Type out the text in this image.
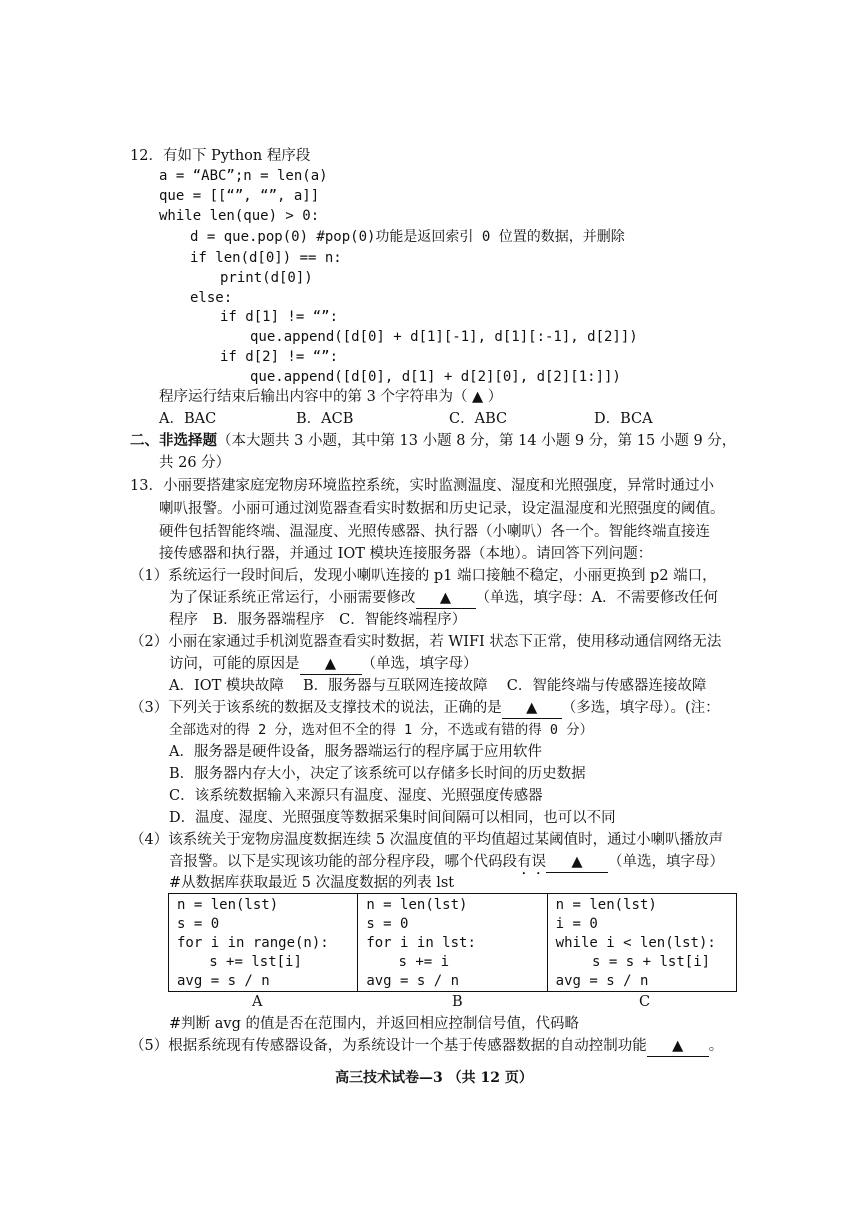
12．有如下 Python 程序段
a = “ABC”;n = len(a)
que = [[“”, “”, a]]
while len(que) > 0:
d = que.pop(0) #pop(0)功能是返回索引 0 位置的数据，并删除
if len(d[0]) == n:
print(d[0])
else:
if d[1] != “”:
que.append([d[0] + d[1][-1], d[1][:-1], d[2]])
if d[2] != “”:
que.append([d[0], d[1] + d[2][0], d[2][1:]])
程序运行结束后输出内容中的第 3 个字符串为（ ▲ ）
A．BAC	B．ACB	C．ABC	D．BCA
二、非选择题（本大题共 3 小题，其中第 13 小题 8 分，第 14 小题 9 分，第 15 小题 9 分，
共 26 分）
13．小丽要搭建家庭宠物房环境监控系统，实时监测温度、湿度和光照强度，异常时通过小
喇叭报警。小丽可通过浏览器查看实时数据和历史记录，设定温湿度和光照强度的阈值。
硬件包括智能终端、温湿度、光照传感器、执行器（小喇叭）各一个。智能终端直接连
接传感器和执行器，并通过 IOT 模块连接服务器（本地）。请回答下列问题：
（1）系统运行一段时间后，发现小喇叭连接的 p1 端口接触不稳定，小丽更换到 p2 端口，
为了保证系统正常运行，小丽需要修改 ▲ （单选，填字母：A．不需要修改任何
程序　B．服务器端程序　C．智能终端程序）
（2）小丽在家通过手机浏览器查看实时数据，若 WIFI 状态下正常，使用移动通信网络无法
访问，可能的原因是 ▲ （单选，填字母）
A．IOT 模块故障　 B．服务器与互联网连接故障　 C．智能终端与传感器连接故障
（3）下列关于该系统的数据及支撑技术的说法，正确的是 ▲ （多选，填字母）。(注：
全部选对的得 2 分，选对但不全的得 1 分，不选或有错的得 0 分）
A．服务器是硬件设备，服务器端运行的程序属于应用软件
B．服务器内存大小，决定了该系统可以存储多长时间的历史数据
C．该系统数据输入来源只有温度、湿度、光照强度传感器
D．温度、湿度、光照强度等数据采集时间间隔可以相同，也可以不同
（4）该系统关于宠物房温度数据连续 5 次温度值的平均值超过某阈值时，通过小喇叭播放声
音报警。以下是实现该功能的部分程序段，哪个代码段有误 ▲ （单选，填字母）
#从数据库获取最近 5 次温度数据的列表 lst
n = len(lst)
s = 0
for i in range(n):
s += lst[i]
avg = s / n

n = len(lst)
s = 0
for i in lst:
s += i
avg = s / n

n = len(lst)
i = 0
while i < len(lst):
s = s + lst[i]
avg = s / n
A	B	C
#判断 avg 的值是否在范围内，并返回相应控制信号值，代码略
（5）根据系统现有传感器设备，为系统设计一个基于传感器数据的自动控制功能 ▲ 。
高三技术试卷—3 （共 12 页）
